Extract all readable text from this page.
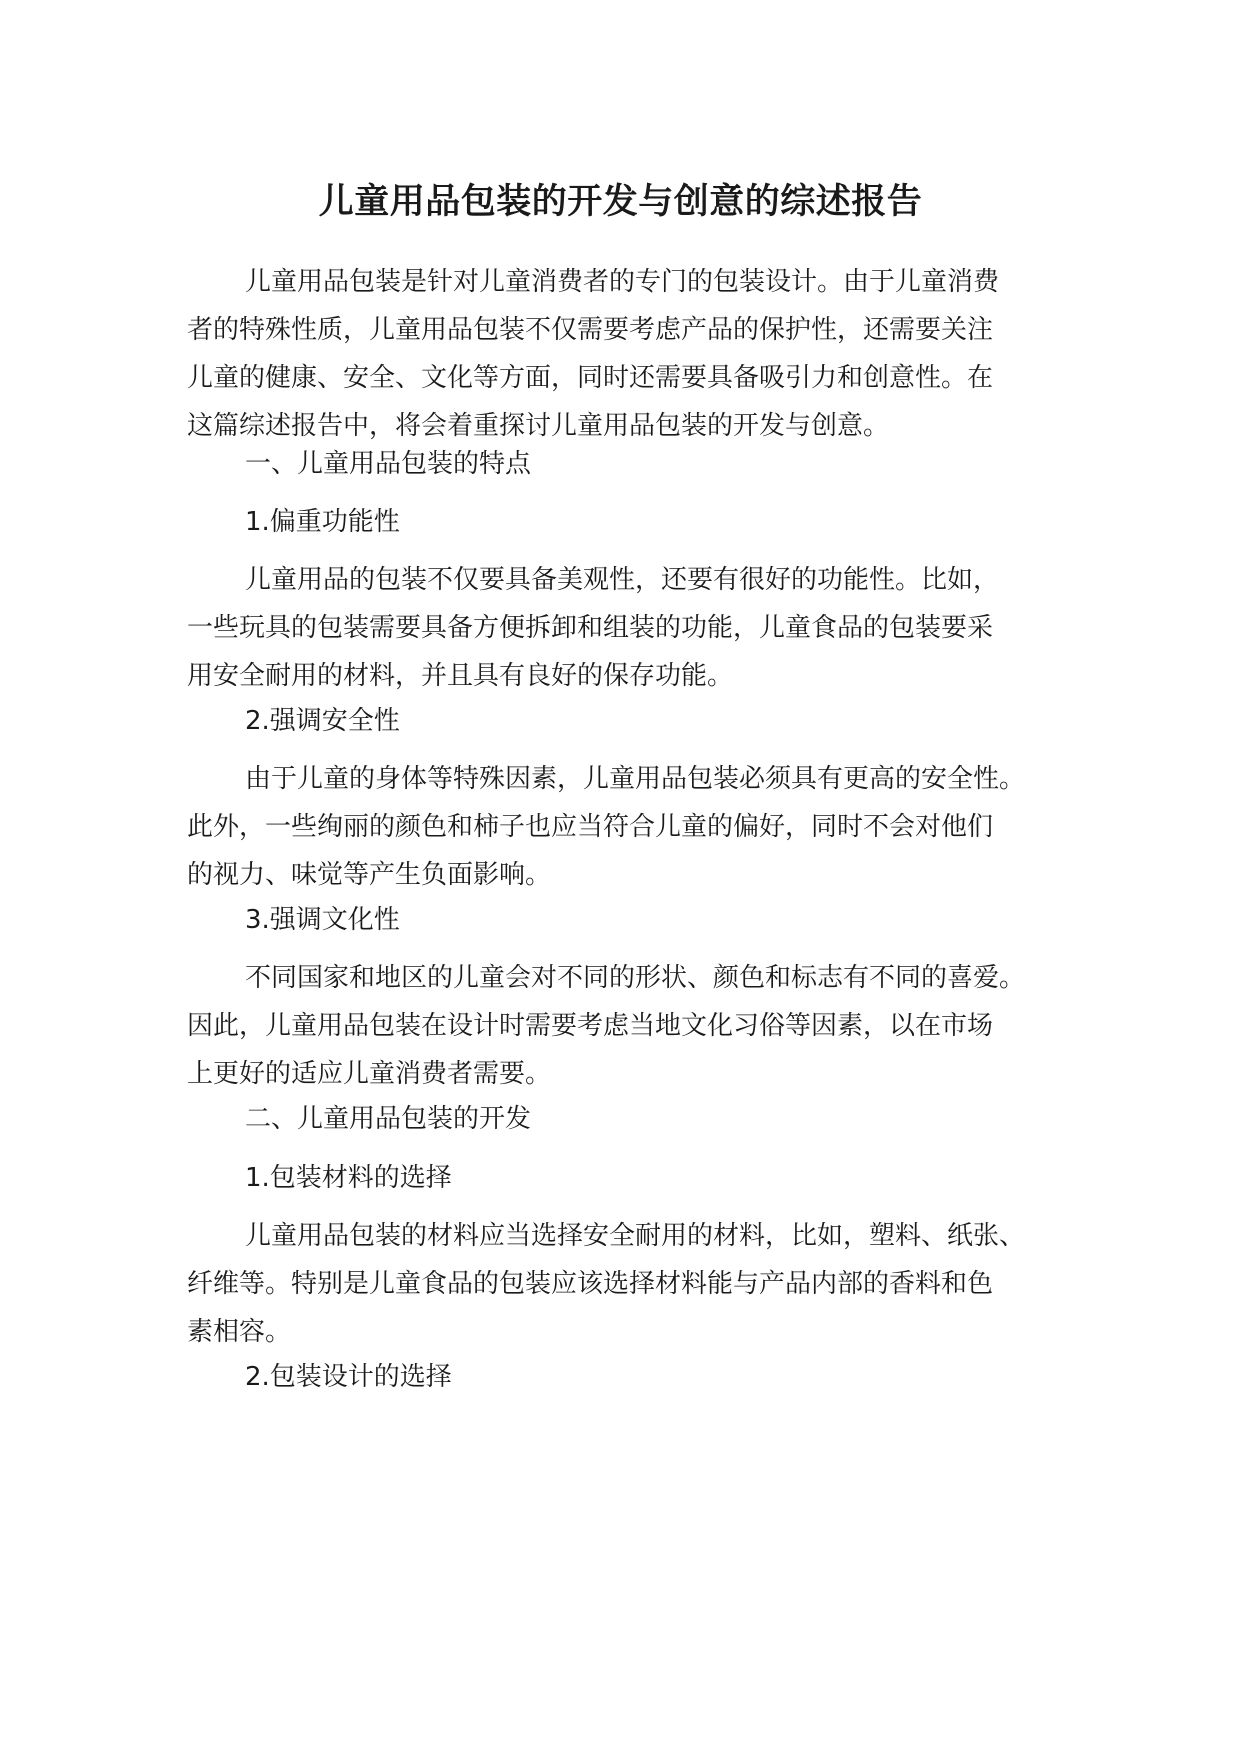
儿童用品包装的开发与创意的综述报告
儿童用品包装是针对儿童消费者的专门的包装设计。由于儿童消费
者的特殊性质，儿童用品包装不仅需要考虑产品的保护性，还需要关注
儿童的健康、安全、文化等方面，同时还需要具备吸引力和创意性。在
这篇综述报告中，将会着重探讨儿童用品包装的开发与创意。
一、儿童用品包装的特点
1.偏重功能性
儿童用品的包装不仅要具备美观性，还要有很好的功能性。比如，
一些玩具的包装需要具备方便拆卸和组装的功能，儿童食品的包装要采
用安全耐用的材料，并且具有良好的保存功能。
2.强调安全性
由于儿童的身体等特殊因素，儿童用品包装必须具有更高的安全性。
此外，一些绚丽的颜色和柿子也应当符合儿童的偏好，同时不会对他们
的视力、味觉等产生负面影响。
3.强调文化性
不同国家和地区的儿童会对不同的形状、颜色和标志有不同的喜爱。
因此，儿童用品包装在设计时需要考虑当地文化习俗等因素，以在市场
上更好的适应儿童消费者需要。
二、儿童用品包装的开发
1.包装材料的选择
儿童用品包装的材料应当选择安全耐用的材料，比如，塑料、纸张、
纤维等。特别是儿童食品的包装应该选择材料能与产品内部的香料和色
素相容。
2.包装设计的选择
